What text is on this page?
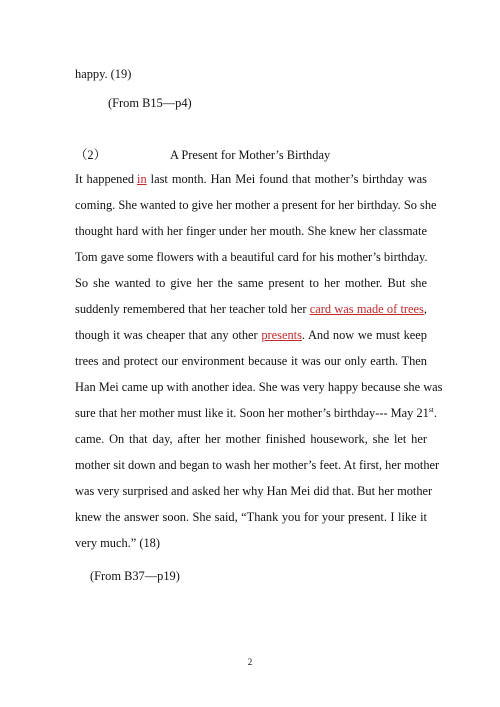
happy. (19)
(From B15—p4)
（2）	A Present for Mother’s Birthday
It happened in last month. Han Mei found that mother’s birthday was
coming. She wanted to give her mother a present for her birthday. So she
thought hard with her finger under her mouth. She knew her classmate
Tom gave some flowers with a beautiful card for his mother’s birthday.
So she wanted to give her the same present to her mother. But she
suddenly remembered that her teacher told her card was made of trees,
though it was cheaper that any other presents. And now we must keep
trees and protect our environment because it was our only earth. Then
Han Mei came up with another idea. She was very happy because she was
sure that her mother must like it. Soon her mother’s birthday--- May 21st.
came. On that day, after her mother finished housework, she let her
mother sit down and began to wash her mother’s feet. At first, her mother
was very surprised and asked her why Han Mei did that. But her mother
knew the answer soon. She said, “Thank you for your present. I like it
very much.” (18)
(From B37—p19)
2
